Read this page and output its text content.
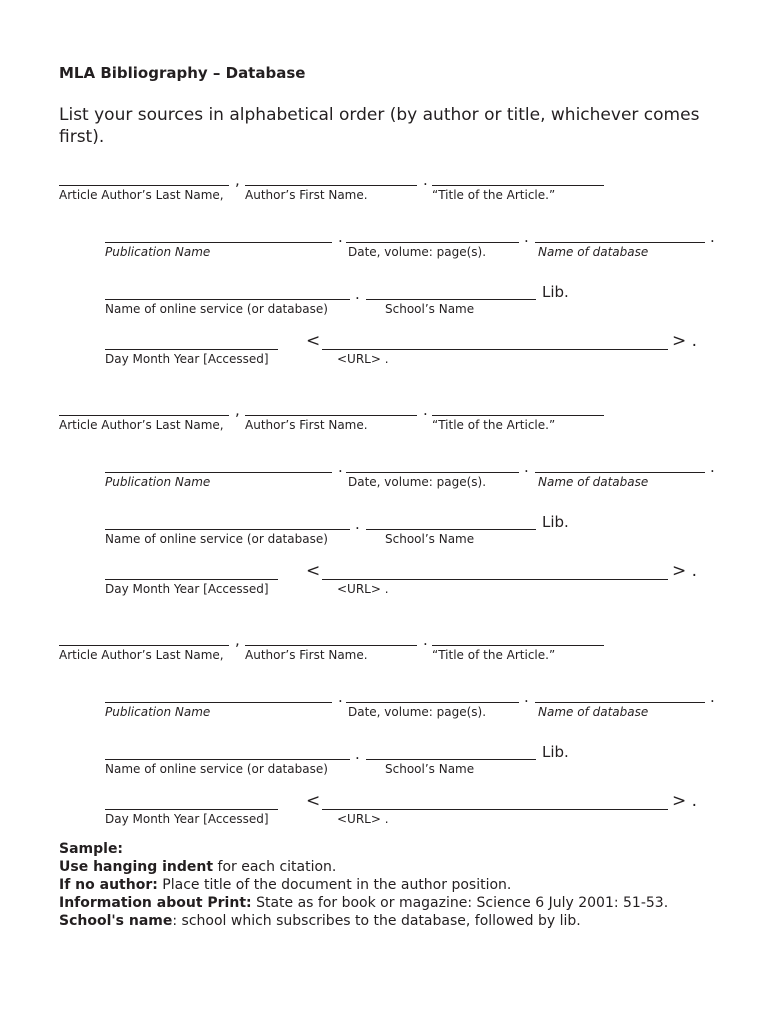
MLA Bibliography – Database
List your sources in alphabetical order (by author or title, whichever comes first).
,	.
Article Author’s Last Name, Author’s First Name.	“Title of the Article.”
.	.	.
Publication Name	Date, volume: page(s).	Name of database
.	Lib.
Name of online service (or database)	School’s Name
<	> .
Day Month Year [Accessed]	<URL> .
,	.
Article Author’s Last Name, Author’s First Name.	“Title of the Article.”
.	.	.
Publication Name	Date, volume: page(s).	Name of database
.	Lib.
Name of online service (or database)	School’s Name
<	> .
Day Month Year [Accessed]	<URL> .
,	.
Article Author’s Last Name, Author’s First Name.	“Title of the Article.”
.	.	.
Publication Name	Date, volume: page(s).	Name of database
.	Lib.
Name of online service (or database)	School’s Name
<	> .
Day Month Year [Accessed]	<URL> .
Sample:
Use hanging indent for each citation.
If no author: Place title of the document in the author position.
Information about Print: State as for book or magazine: Science 6 July 2001: 51-53.
School's name: school which subscribes to the database, followed by lib.
